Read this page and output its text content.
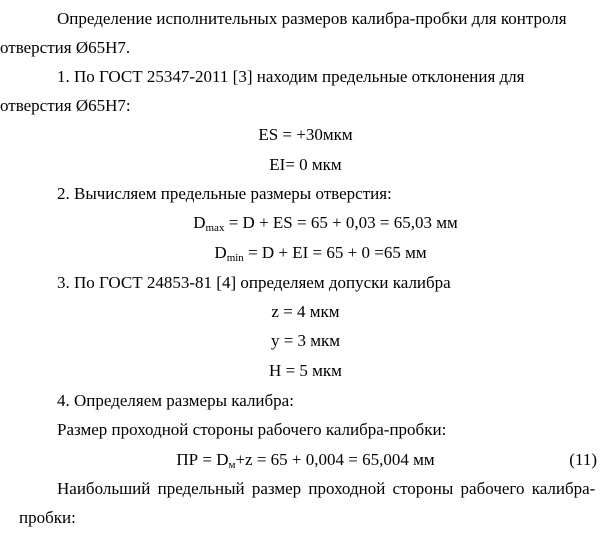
Определение исполнительных размеров калибра-пробки для контроля
отверстия Ø65Н7.
1. По ГОСТ 25347-2011 [3] находим предельные отклонения для
отверстия Ø65Н7:
ES = +30мкм
EI= 0 мкм
2. Вычисляем предельные размеры отверстия:
$D_{max} = D$ + ES = 65 + 0,03 = 65,03 мм
$D_{min} = D$ + EI = 65 + 0 =65 мм
3. По ГОСТ 24853-81 [4] определяем допуски калибра
z = 4 мкм
y = 3 мкм
H = 5 мкм
4. Определяем размеры калибра:
Размер проходной стороны рабочего калибра-пробки:
ПР = $D_м+z = 65 + 0,004 = 65,004$ мм	(11)
Наибольший предельный размер проходной стороны рабочего калибра-
пробки:
